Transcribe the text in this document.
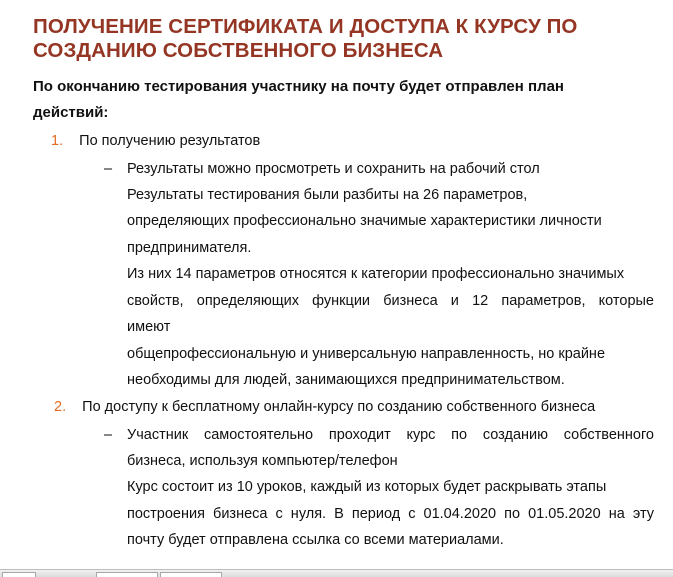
ПОЛУЧЕНИЕ СЕРТИФИКАТА И ДОСТУПА К КУРСУ ПО
СОЗДАНИЮ СОБСТВЕННОГО БИЗНЕСА
По окончанию тестирования участнику на почту будет отправлен план
действий:
1. По получению результатов
– Результаты можно просмотреть и сохранить на рабочий стол
Результаты тестирования были разбиты на 26 параметров,
определяющих профессионально значимые характеристики личности
предпринимателя.
Из них 14 параметров относятся к категории профессионально значимых
свойств, определяющих функции бизнеса и 12 параметров, которые
имеют
общепрофессиональную и универсальную направленность, но крайне
необходимы для людей, занимающихся предпринимательством.
2. По доступу к бесплатному онлайн-курсу по созданию собственного бизнеса
– Участник самостоятельно проходит курс по созданию собственного
бизнеса, используя компьютер/телефон
Курс состоит из 10 уроков, каждый из которых будет раскрывать этапы
построения бизнеса с нуля. В период с 01.04.2020 по 01.05.2020 на эту
почту будет отправлена ссылка со всеми материалами.
